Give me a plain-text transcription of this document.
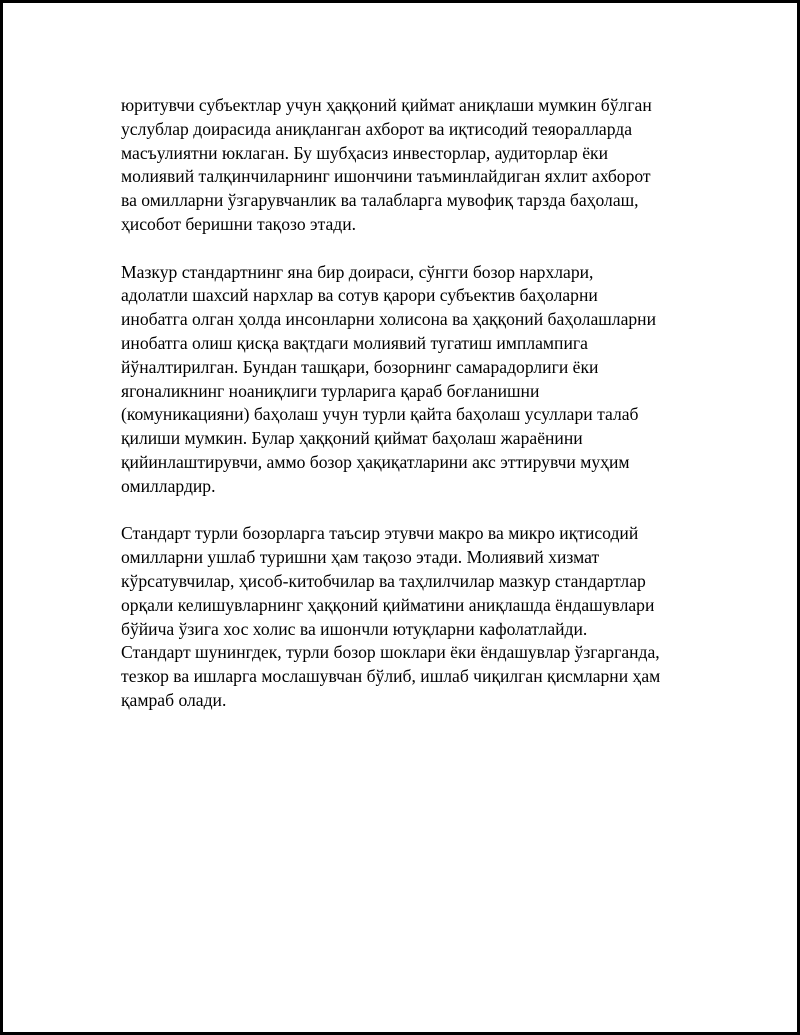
юритувчи субъектлар учун ҳаққоний қиймат аниқлаши мумкин бўлган
услублар доирасида аниқланган ахборот ва иқтисодий теяоралларда
масъулиятни юклаган. Бу шубҳасиз инвесторлар, аудиторлар ёки
молиявий талқинчиларнинг ишончини таъминлайдиган яхлит ахборот
ва омилларни ўзгарувчанлик ва талабларга мувофиқ тарзда баҳолаш,
ҳисобот беришни тақозо этади.

Мазкур стандартнинг яна бир доираси, сўнгги бозор нархлари,
адолатли шахсий нархлар ва сотув қарори субъектив баҳоларни
инобатга олган ҳолда инсонларни холисона ва ҳаққоний баҳолашларни
инобатга олиш қисқа вақтдаги молиявий тугатиш имплампига
йўналтирилган. Бундан ташқари, бозорнинг самарадорлиги ёки
ягоналикнинг ноаниқлиги турларига қараб боғланишни
(комуникацияни) баҳолаш учун турли қайта баҳолаш усуллари талаб
қилиши мумкин. Булар ҳаққоний қиймат баҳолаш жараёнини
қийинлаштирувчи, аммо бозор ҳақиқатларини акс эттирувчи муҳим
омиллардир.

Стандарт турли бозорларга таъсир этувчи макро ва микро иқтисодий
омилларни ушлаб туришни ҳам тақозо этади. Молиявий хизмат
кўрсатувчилар, ҳисоб-китобчилар ва таҳлилчилар мазкур стандартлар
орқали келишувларнинг ҳаққоний қийматини аниқлашда ёндашувлари
бўйича ўзига хос холис ва ишончли ютуқларни кафолатлайди.
Стандарт шунингдек, турли бозор шоклари ёки ёндашувлар ўзгарганда,
тезкор ва ишларга мослашувчан бўлиб, ишлаб чиқилган қисмларни ҳам
қамраб олади.
